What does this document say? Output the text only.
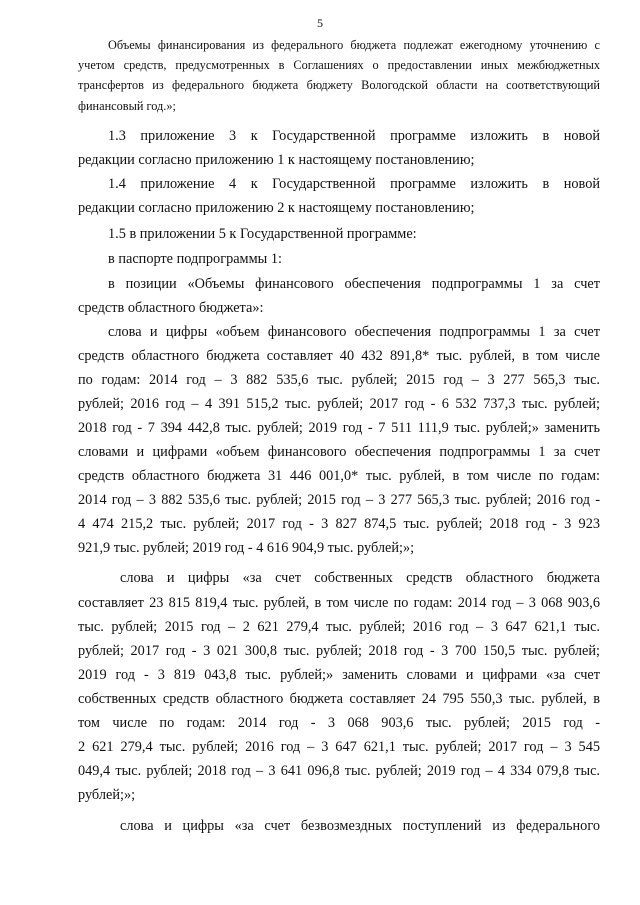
5
Объемы финансирования из федерального бюджета подлежат ежегодному уточнению с
учетом средств, предусмотренных в Соглашениях о предоставлении иных межбюджетных
трансфертов из федерального бюджета бюджету Вологодской области на соответствующий
финансовый год.»;
1.3 приложение 3 к Государственной программе изложить в новой
редакции согласно приложению 1 к настоящему постановлению;
1.4 приложение 4 к Государственной программе изложить в новой
редакции согласно приложению 2 к настоящему постановлению;
1.5 в приложении 5 к Государственной программе:
в паспорте подпрограммы 1:
в позиции «Объемы финансового обеспечения подпрограммы 1 за счет
средств областного бюджета»:
слова и цифры «объем финансового обеспечения подпрограммы 1 за счет
средств областного бюджета составляет 40 432 891,8* тыс. рублей, в том числе
по годам: 2014 год – 3 882 535,6 тыс. рублей; 2015 год – 3 277 565,3 тыс.
рублей; 2016 год – 4 391 515,2 тыс. рублей; 2017 год - 6 532 737,3 тыс. рублей;
2018 год - 7 394 442,8 тыс. рублей; 2019 год - 7 511 111,9 тыс. рублей;» заменить
словами и цифрами «объем финансового обеспечения подпрограммы 1 за счет
средств областного бюджета 31 446 001,0* тыс. рублей, в том числе по годам:
2014 год – 3 882 535,6 тыс. рублей; 2015 год – 3 277 565,3 тыс. рублей; 2016 год -
4 474 215,2 тыс. рублей; 2017 год - 3 827 874,5 тыс. рублей; 2018 год - 3 923
921,9 тыс. рублей; 2019 год - 4 616 904,9 тыс. рублей;»;
слова и цифры «за счет собственных средств областного бюджета
составляет 23 815 819,4 тыс. рублей, в том числе по годам: 2014 год – 3 068 903,6
тыс. рублей; 2015 год – 2 621 279,4 тыс. рублей; 2016 год – 3 647 621,1 тыс.
рублей; 2017 год - 3 021 300,8 тыс. рублей; 2018 год - 3 700 150,5 тыс. рублей;
2019 год - 3 819 043,8 тыс. рублей;» заменить словами и цифрами «за счет
собственных средств областного бюджета составляет 24 795 550,3 тыс. рублей, в
том числе по годам: 2014 год - 3 068 903,6 тыс. рублей; 2015 год -
2 621 279,4 тыс. рублей; 2016 год – 3 647 621,1 тыс. рублей; 2017 год – 3 545
049,4 тыс. рублей; 2018 год – 3 641 096,8 тыс. рублей; 2019 год – 4 334 079,8 тыс.
рублей;»;
слова и цифры «за счет безвозмездных поступлений из федерального
